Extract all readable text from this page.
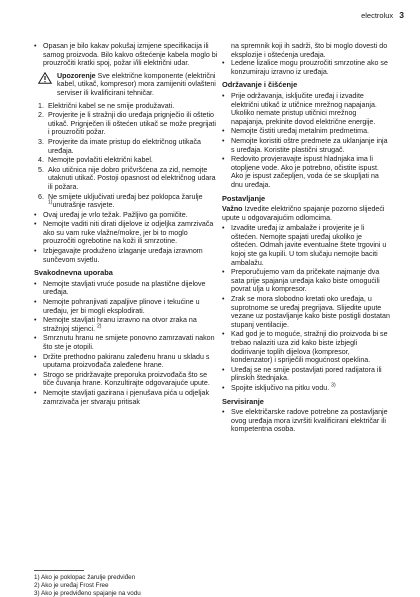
electrolux 3
• Opasan je bilo kakav pokušaj izmjene specifikacija ili samog proizvoda. Bilo kakvo oštećenje kabela moglo bi prouzročiti kratki spoj, požar i/ili električni udar.
Upozorenje Sve električne komponente (električni kabel, utikač, kompresor) mora zamijeniti ovlašteni serviser ili kvalificirani tehničar.
1. Električni kabel se ne smije produžavati.
2. Provjerite je li stražnji dio uređaja prignječio ili oštetio utikač. Prignječen ili oštećen utikač se može pregrijati i prouzročiti požar.
3. Provjerite da imate pristup do električnog utikača uređaja.
4. Nemojte povlačiti električni kabel.
5. Ako utičnica nije dobro pričvršćena za zid, nemojte utaknuti utikač. Postoji opasnost od električnog udara ili požara.
6. Ne smijete uključivati uređaj bez poklopca žarulje $^{1)}$unutrašnje rasvjete.
• Ovaj uređaj je vrlo težak. Pažljivo ga pomičite.
• Nemojte vaditi niti dirati dijelove iz odjeljka zamrzivača ako su vam ruke vlažne/mokre, jer bi to moglo prouzročiti ogrebotine na koži ili smrzotine.
• Izbjegavajte produženo izlaganje uređaja izravnom sunčevom svjetlu.
Svakodnevna uporaba
• Nemojte stavljati vruće posude na plastične dijelove uređaja.
• Nemojte pohranjivati zapaljive plinove i tekućine u uređaju, jer bi mogli eksplodirati.
• Nemojte stavljati hranu izravno na otvor zraka na stražnjoj stijenci. $^{2)}$
• Smrznutu hranu ne smijete ponovno zamrzavati nakon što ste je otopili.
• Držite prethodno pakiranu zaleđenu hranu u skladu s uputama proizvođača zaleđene hrane.
• Strogo se pridržavajte preporuka proizvođača što se tiče čuvanja hrane. Konzultirajte odgovarajuće upute.
• Nemojte stavljati gazirana i pjenušava pića u odjeljak zamrzivača jer stvaraju pritisak
na spremnik koji ih sadrži, što bi moglo dovesti do eksplozije i oštećenja uređaja.
• Ledene lizalice mogu prouzročiti smrzotine ako se konzumiraju izravno iz uređaja.
Održavanje i čišćenje
• Prije održavanja, isključite uređaj i izvadite električni utikač iz utičnice mrežnog napajanja. Ukoliko nemate pristup utičnici mrežnog napajanja, prekinite dovod električne energije.
• Nemojte čistiti uređaj metalnim predmetima.
• Nemojte koristiti oštre predmete za uklanjanje inja s uređaja. Koristite plastični strugač.
• Redovito provjeravajte ispust hladnjaka ima li otopljene vode. Ako je potrebno, očistite ispust. Ako je ispust začepljen, voda će se skupljati na dnu uređaja.
Postavljanje
Važno Izvedite električno spajanje pozorno slijedeći upute u odgovarajućim odlomcima.
• Izvadite uređaj iz ambalaže i provjerite je li oštećen. Nemojte spajati uređaj ukoliko je oštećen. Odmah javite eventualne štete trgovini u kojoj ste ga kupili. U tom slučaju nemojte baciti ambalažu.
• Preporučujemo vam da pričekate najmanje dva sata prije spajanja uređaja kako biste omogućili povrat ulja u kompresor.
• Zrak se mora slobodno kretati oko uređaja, u suprotnome se uređaj pregrijava. Slijedite upute vezane uz postavljanje kako biste postigli dostatan stupanj ventilacije.
• Kad god je to moguće, stražnji dio proizvoda bi se trebao nalaziti uza zid kako biste izbjegli dodirivanje toplih dijelova (kompresor, kondenzator) i spriječili mogućnost opeklina.
• Uređaj se ne smije postavljati pored radijatora ili plinskih štednjaka.
• Spojite isključivo na pitku vodu. $^{3)}$
Servisiranje
• Sve električarske radove potrebne za postavljanje ovog uređaja mora izvršiti kvalificirani električar ili kompetentna osoba.
1) Ako je poklopac žarulje predviđen
2) Ako je uređaj Frost Free
3) Ako je predviđeno spajanje na vodu
